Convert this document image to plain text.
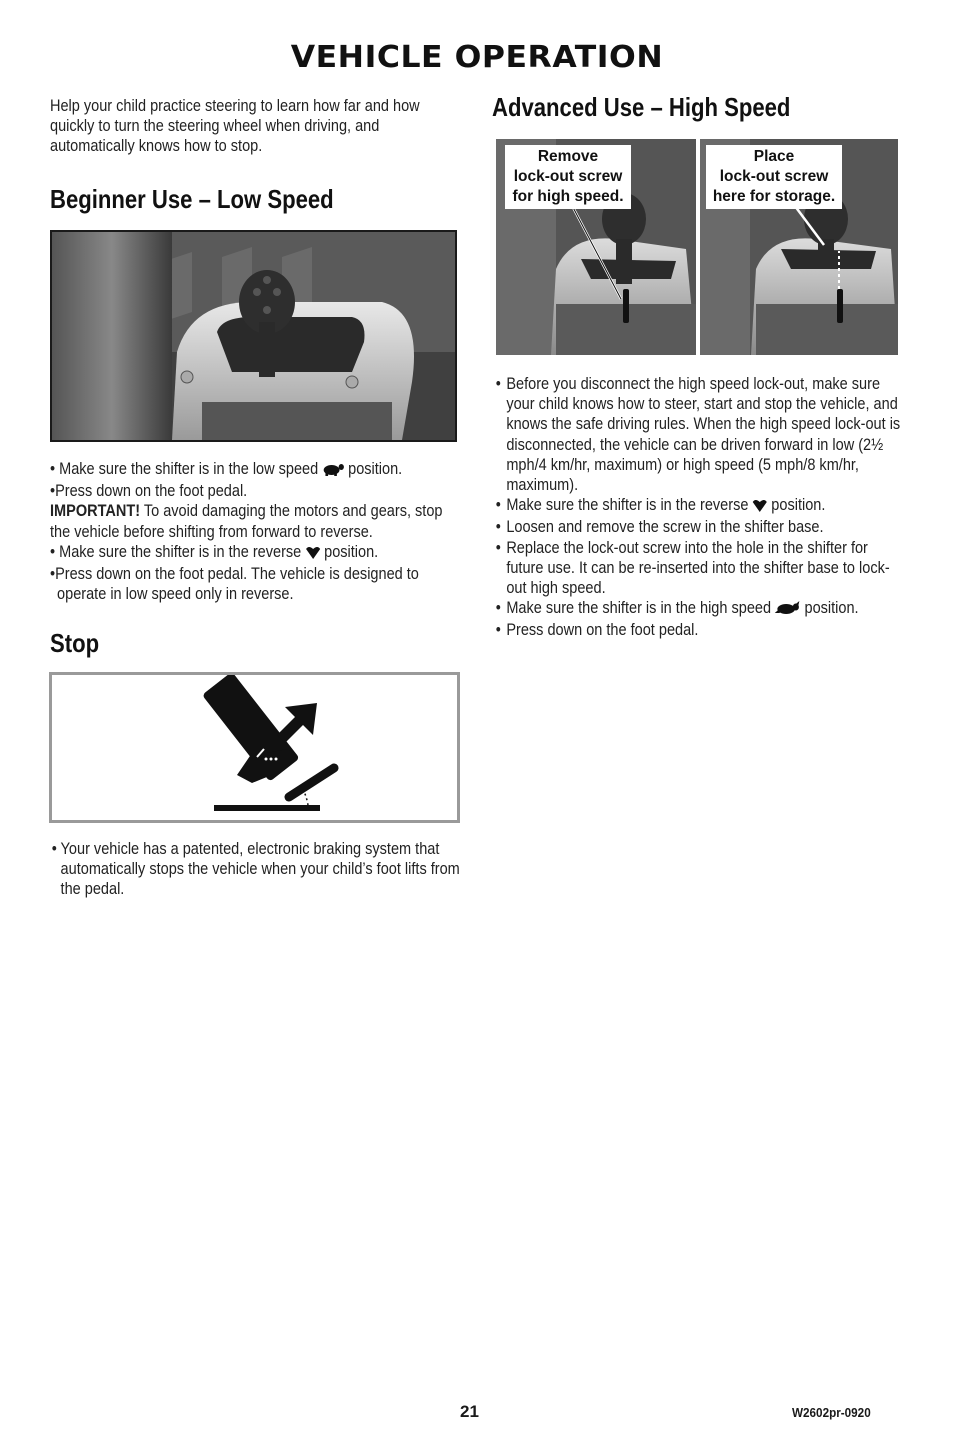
VEHICLE OPERATION
Help your child practice steering to learn how far and how quickly to turn the steering wheel when driving, and automatically knows how to stop.
Beginner Use – Low Speed
• Make sure the shifter is in the low speed position.
• Press down on the foot pedal.
IMPORTANT! To avoid damaging the motors and gears, stop the vehicle before shifting from forward to reverse.
• Make sure the shifter is in the reverse position.
• Press down on the foot pedal. The vehicle is designed to operate in low speed only in reverse.
Stop
• Your vehicle has a patented, electronic braking system that automatically stops the vehicle when your child’s foot lifts from the pedal.
Advanced Use – High Speed
Remove
lock-out screw
for high speed.
Place
lock-out screw
here for storage.
• Before you disconnect the high speed lock-out, make sure your child knows how to steer, start and stop the vehicle, and knows the safe driving rules. When the high speed lock-out is disconnected, the vehicle can be driven forward in low (2½ mph/4 km/hr, maximum) or high speed (5 mph/8 km/hr, maximum).
• Make sure the shifter is in the reverse position.
• Loosen and remove the screw in the shifter base.
• Replace the lock-out screw into the hole in the shifter for future use. It can be re-inserted into the shifter base to lock-out high speed.
• Make sure the shifter is in the high speed position.
• Press down on the foot pedal.
21	W2602pr-0920
